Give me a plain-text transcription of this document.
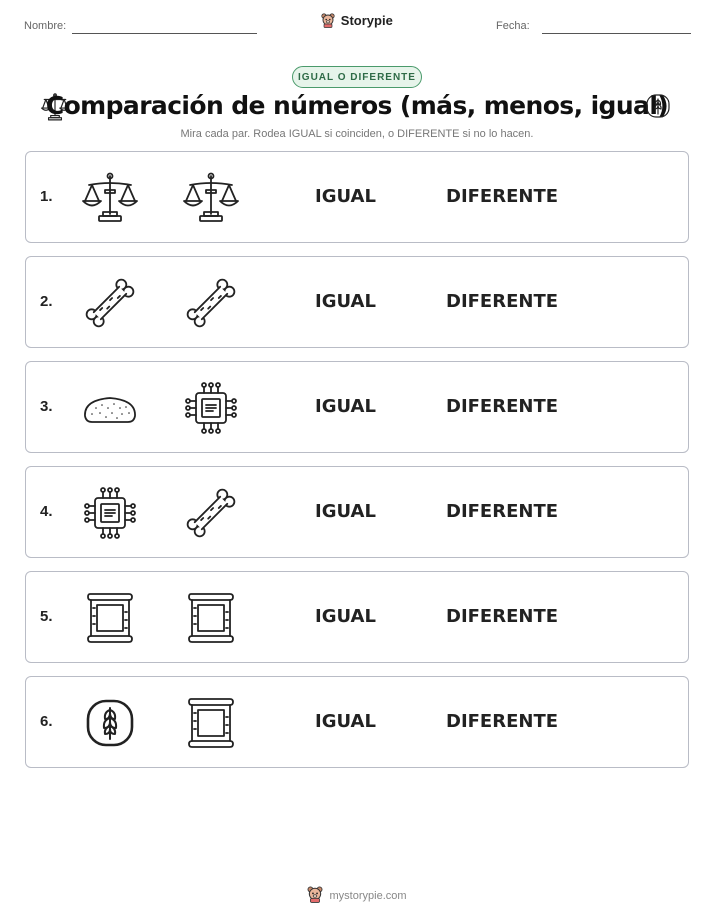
Nombre:	Storypie	Fecha:
IGUAL O DIFERENTE
Comparación de números (más, menos, igual)
Mira cada par. Rodea IGUAL si coinciden, o DIFERENTE si no lo hacen.
1.	IGUAL	DIFERENTE
2.	IGUAL	DIFERENTE
3.	IGUAL	DIFERENTE
4.	IGUAL	DIFERENTE
5.	IGUAL	DIFERENTE
6.	IGUAL	DIFERENTE
mystorypie.com
